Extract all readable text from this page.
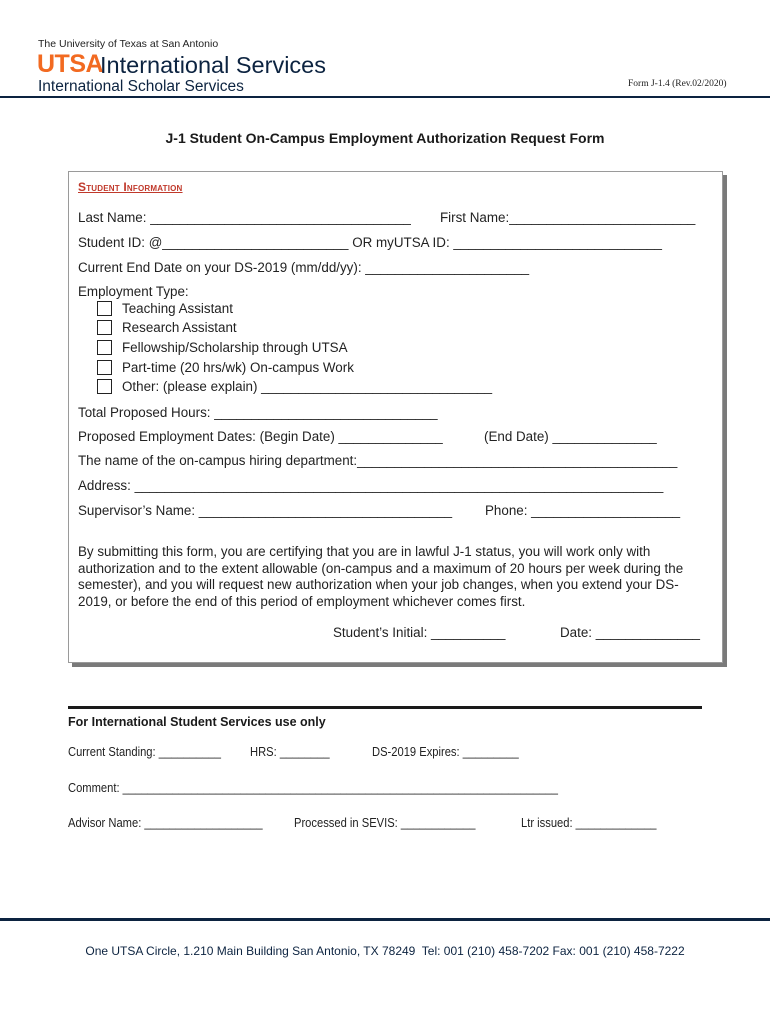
The University of Texas at San Antonio
UTSA
International Services
International Scholar Services	Form J-1.4 (Rev.02/2020)
J-1 Student On-Campus Employment Authorization Request Form
Student Information
Last Name: ___________________________________ First Name:_________________________
Student ID: @_________________________ OR myUTSA ID: ____________________________
Current End Date on your DS-2019 (mm/dd/yy): ______________________
Employment Type:
Teaching Assistant
Research Assistant
Fellowship/Scholarship through UTSA
Part-time (20 hrs/wk) On-campus Work
Other: (please explain) _______________________________
Total Proposed Hours: ______________________________
Proposed Employment Dates: (Begin Date) ______________	(End Date) ______________
The name of the on-campus hiring department:___________________________________________
Address: _______________________________________________________________________
Supervisor’s Name: __________________________________ Phone: ____________________
By submitting this form, you are certifying that you are in lawful J-1 status, you will work only with authorization and to the extent allowable (on-campus and a maximum of 20 hours per week during the semester), and you will request new authorization when your job changes, when you extend your DS-2019, or before the end of this period of employment whichever comes first.
Student’s Initial: __________	Date: ______________
For International Student Services use only
Current Standing: __________ HRS: ________	DS-2019 Expires: _________
Comment: ______________________________________________________________________
Advisor Name: ___________________ Processed in SEVIS: ____________	Ltr issued: _____________
One UTSA Circle, 1.210 Main Building San Antonio, TX 78249  Tel: 001 (210) 458-7202 Fax: 001 (210) 458-7222
